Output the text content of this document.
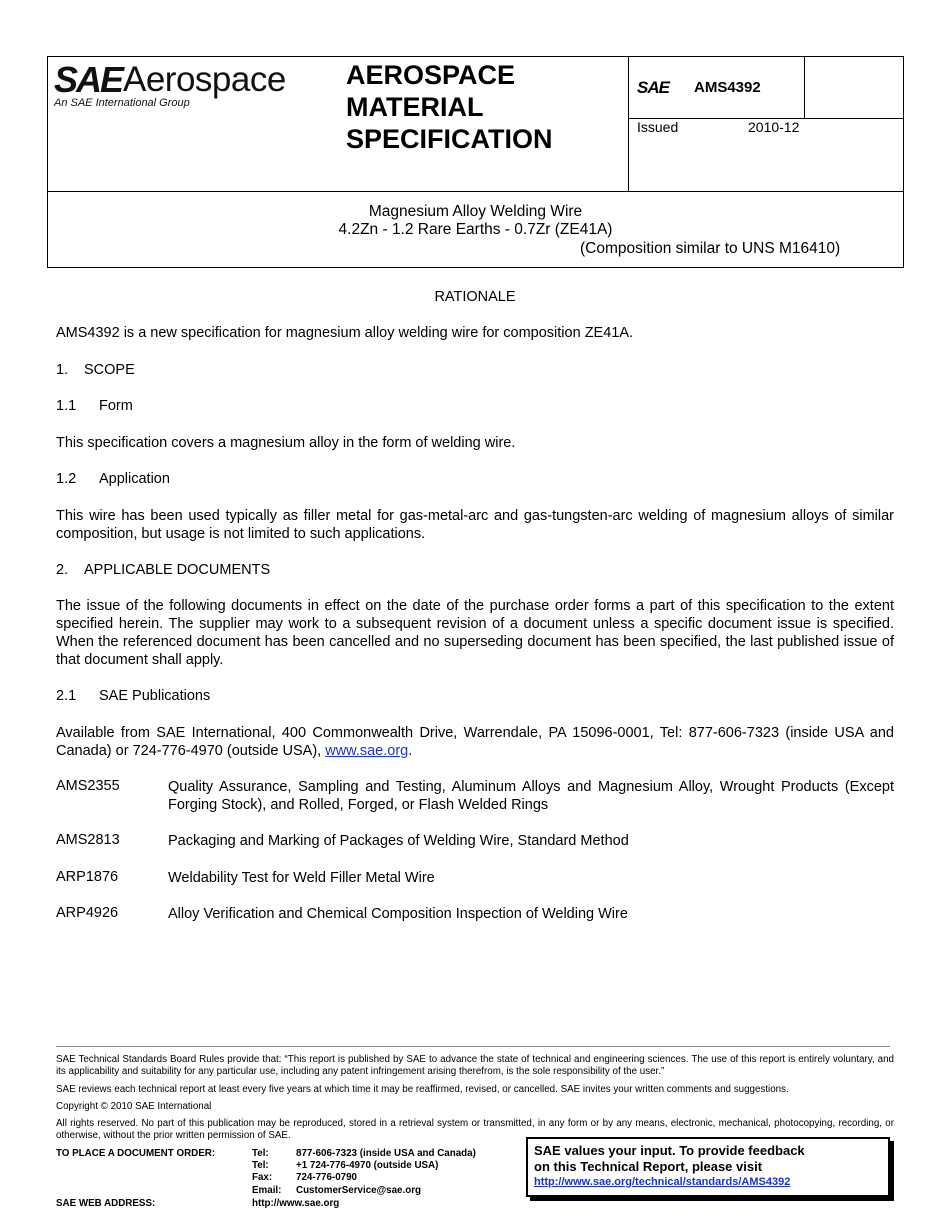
SAE Aerospace
An SAE International Group
AEROSPACE
MATERIAL
SPECIFICATION
SAE AMS4392
Issued	2010-12
Magnesium Alloy Welding Wire
4.2Zn - 1.2 Rare Earths - 0.7Zr (ZE41A)
(Composition similar to UNS M16410)
RATIONALE
AMS4392 is a new specification for magnesium alloy welding wire for composition ZE41A.
1. SCOPE
1.1 Form
This specification covers a magnesium alloy in the form of welding wire.
1.2 Application
This wire has been used typically as filler metal for gas-metal-arc and gas-tungsten-arc welding of magnesium alloys of similar composition, but usage is not limited to such applications.
2. APPLICABLE DOCUMENTS
The issue of the following documents in effect on the date of the purchase order forms a part of this specification to the extent specified herein. The supplier may work to a subsequent revision of a document unless a specific document issue is specified. When the referenced document has been cancelled and no superseding document has been specified, the last published issue of that document shall apply.
2.1 SAE Publications
Available from SAE International, 400 Commonwealth Drive, Warrendale, PA 15096-0001, Tel: 877-606-7323 (inside USA and Canada) or 724-776-4970 (outside USA), www.sae.org.
AMS2355	Quality Assurance, Sampling and Testing, Aluminum Alloys and Magnesium Alloy, Wrought Products (Except Forging Stock), and Rolled, Forged, or Flash Welded Rings
AMS2813	Packaging and Marking of Packages of Welding Wire, Standard Method
ARP1876	Weldability Test for Weld Filler Metal Wire
ARP4926	Alloy Verification and Chemical Composition Inspection of Welding Wire
SAE Technical Standards Board Rules provide that: “This report is published by SAE to advance the state of technical and engineering sciences. The use of this report is entirely voluntary, and its applicability and suitability for any particular use, including any patent infringement arising therefrom, is the sole responsibility of the user.”
SAE reviews each technical report at least every five years at which time it may be reaffirmed, revised, or cancelled. SAE invites your written comments and suggestions.
Copyright © 2010 SAE International
All rights reserved. No part of this publication may be reproduced, stored in a retrieval system or transmitted, in any form or by any means, electronic, mechanical, photocopying, recording, or otherwise, without the prior written permission of SAE.
TO PLACE A DOCUMENT ORDER:	Tel:	877-606-7323 (inside USA and Canada)
Tel:	+1 724-776-4970 (outside USA)
Fax: 724-776-0790
Email: CustomerService@sae.org
SAE WEB ADDRESS:	http://www.sae.org
SAE values your input. To provide feedback
on this Technical Report, please visit
http://www.sae.org/technical/standards/AMS4392
